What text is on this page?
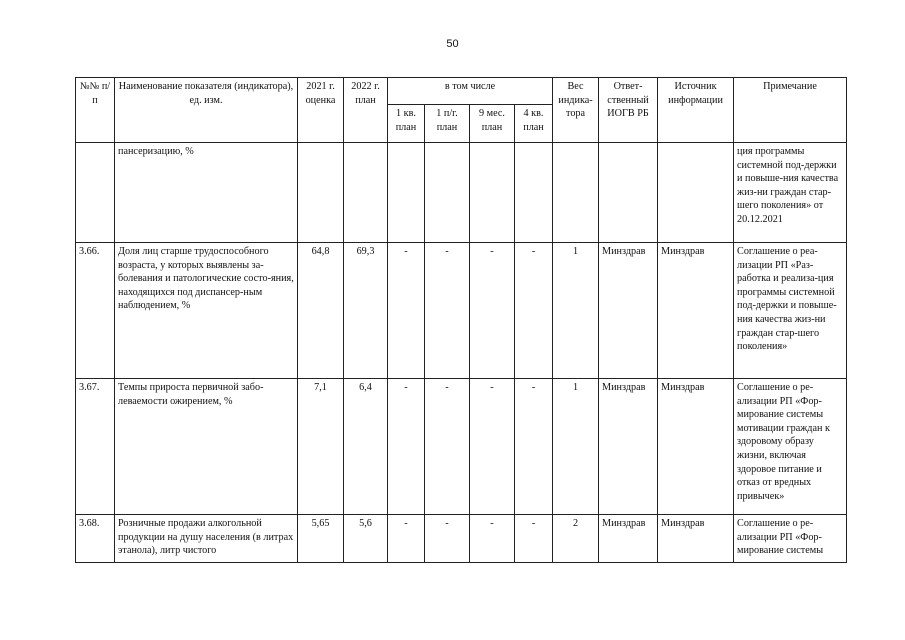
50
№№ п/п	Наименование показателя (индикатора), ед. изм.	2021 г. оценка	2022 г. план	в том числе				Вес индика-тора	Ответ-ственный ИОГВ РБ	Источник информации	Примечание
				1 кв. план	1 п/г. план	9 мес. план	4 кв. план				
	пансеризацию, %										ция программы системной под-держки и повыше-ния качества жиз-ни граждан стар-шего поколения» от 20.12.2021
3.66.	Доля лиц старше трудоспособного возраста, у которых выявлены за-болевания и патологические состо-яния, находящихся под диспансер-ным наблюдением, %	64,8	69,3	-	-	-	-	1	Минздрав	Минздрав	Соглашение о реа-лизации РП «Раз-работка и реализа-ция программы системной под-держки и повыше-ния качества жиз-ни граждан стар-шего поколения»
3.67.	Темпы прироста первичной забо-леваемости ожирением, %	7,1	6,4	-	-	-	-	1	Минздрав	Минздрав	Соглашение о ре-ализации РП «Фор-мирование системы мотивации граждан к здоровому образу жизни, включая здоровое питание и отказ от вредных привычек»
3.68.	Розничные продажи алкогольной продукции на душу населения (в литрах этанола), литр чистого	5,65	5,6	-	-	-	-	2	Минздрав	Минздрав	Соглашение о ре-ализации РП «Фор-мирование системы
